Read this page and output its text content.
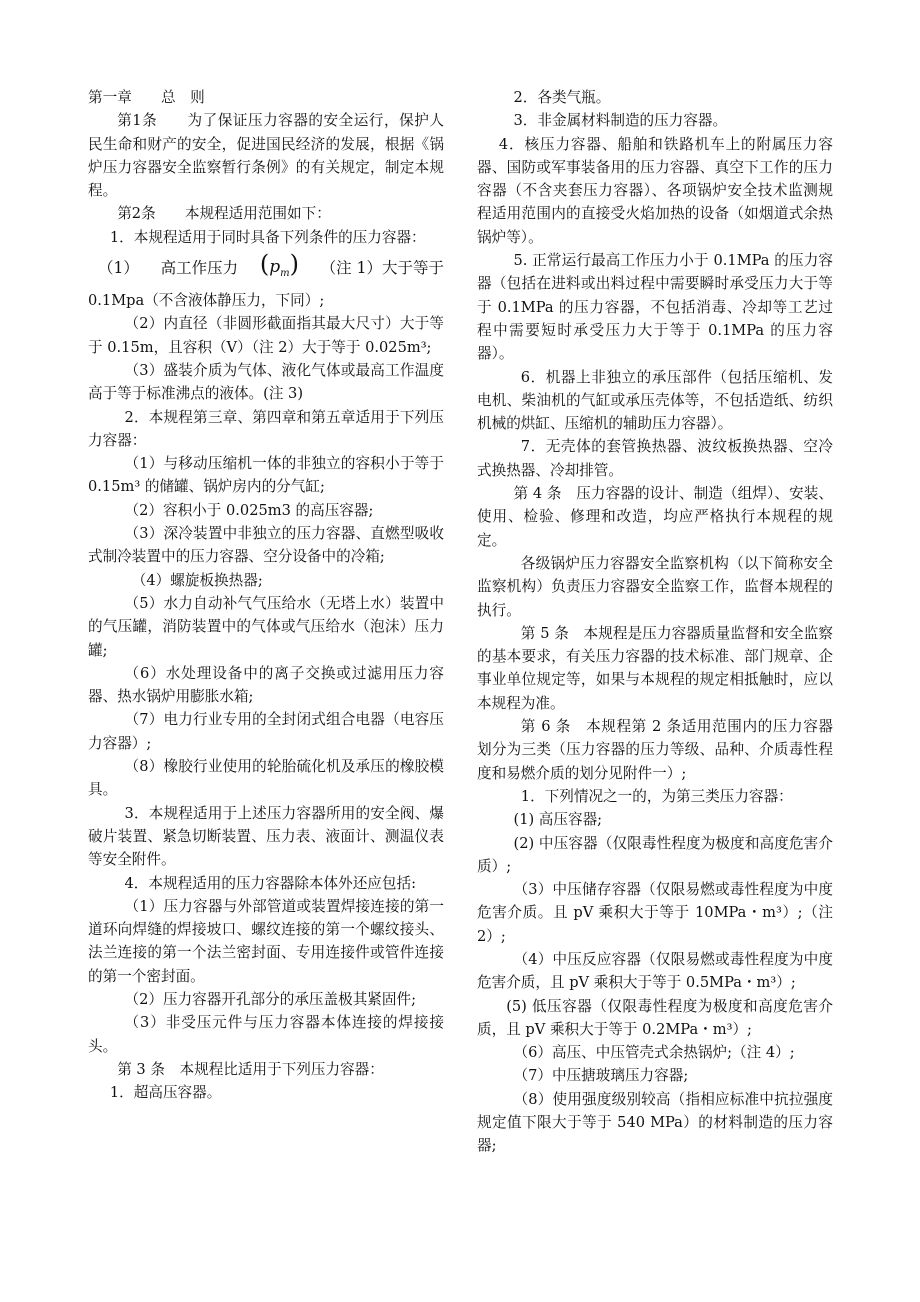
第一章　　总　则

第1条　　为了保证压力容器的安全运行，保护人民生命和财产的安全，促进国民经济的发展，根据《锅炉压力容器安全监察暂行条例》的有关规定，制定本规程。

第2条　　本规程适用范围如下：

1．本规程适用于同时具备下列条件的压力容器：

（1） 高工作压力 $(p_m)$ （注 1）大于等于

0.1Mpa（不含液体静压力，下同）;

（2）内直径（非圆形截面指其最大尺寸）大于等于 0.15m，且容积（V）（注 2）大于等于 0.025m³;

（3）盛装介质为气体、液化气体或最高工作温度高于等于标准沸点的液体。(注 3)

2．本规程第三章、第四章和第五章适用于下列压力容器：

（1）与移动压缩机一体的非独立的容积小于等于 0.15m³ 的储罐、锅炉房内的分气缸;

（2）容积小于 0.025m3 的高压容器;

（3）深冷装置中非独立的压力容器、直燃型吸收式制冷装置中的压力容器、空分设备中的冷箱;

（4）螺旋板换热器;

（5）水力自动补气气压给水（无塔上水）装置中的气压罐，消防装置中的气体或气压给水（泡沫）压力罐;

（6）水处理设备中的离子交换或过滤用压力容器、热水锅炉用膨胀水箱;

（7）电力行业专用的全封闭式组合电器（电容压力容器）;

（8）橡胶行业使用的轮胎硫化机及承压的橡胶模具。

3．本规程适用于上述压力容器所用的安全阀、爆破片装置、紧急切断装置、压力表、液面计、测温仪表等安全附件。

4．本规程适用的压力容器除本体外还应包括:

（1）压力容器与外部管道或装置焊接连接的第一道环向焊缝的焊接坡口、螺纹连接的第一个螺纹接头、法兰连接的第一个法兰密封面、专用连接件或管件连接的第一个密封面。

（2）压力容器开孔部分的承压盖极其紧固件;

（3）非受压元件与压力容器本体连接的焊接接头。

第 3 条　本规程比适用于下列压力容器：

1．超高压容器。

2．各类气瓶。

3．非金属材料制造的压力容器。

4．核压力容器、船舶和铁路机车上的附属压力容器、国防或军事装备用的压力容器、真空下工作的压力容器（不含夹套压力容器）、各项锅炉安全技术监测规程适用范围内的直接受火焰加热的设备（如烟道式余热锅炉等）。

5. 正常运行最高工作压力小于 0.1MPa 的压力容器（包括在进料或出料过程中需要瞬时承受压力大于等于 0.1MPa 的压力容器，不包括消毒、冷却等工艺过程中需要短时承受压力大于等于 0.1MPa 的压力容器）。

6．机器上非独立的承压部件（包括压缩机、发电机、柴油机的气缸或承压壳体等，不包括造纸、纺织机械的烘缸、压缩机的辅助压力容器）。

7．无壳体的套管换热器、波纹板换热器、空冷式换热器、冷却排管。

第 4 条　压力容器的设计、制造（组焊）、安装、使用、检验、修理和改造，均应严格执行本规程的规定。

各级锅炉压力容器安全监察机构（以下简称安全监察机构）负责压力容器安全监察工作，监督本规程的执行。

第 5 条　本规程是压力容器质量监督和安全监察的基本要求，有关压力容器的技术标准、部门规章、企事业单位规定等，如果与本规程的规定相抵触时，应以本规程为准。

第 6 条　本规程第 2 条适用范围内的压力容器划分为三类（压力容器的压力等级、品种、介质毒性程度和易燃介质的划分见附件一）;

1．下列情况之一的，为第三类压力容器：

(1) 高压容器;

(2) 中压容器（仅限毒性程度为极度和高度危害介质）;

（3）中压储存容器（仅限易燃或毒性程度为中度危害介质。且 pV 乘积大于等于 10MPa・m³）;（注 2）;

（4）中压反应容器（仅限易燃或毒性程度为中度危害介质，且 pV 乘积大于等于 0.5MPa・m³）;

(5) 低压容器（仅限毒性程度为极度和高度危害介质，且 pV 乘积大于等于 0.2MPa・m³）;

（6）高压、中压管壳式余热锅炉;（注 4）;

（7）中压搪玻璃压力容器;

（8）使用强度级别较高（指相应标准中抗拉强度规定值下限大于等于 540 MPa）的材料制造的压力容器;
